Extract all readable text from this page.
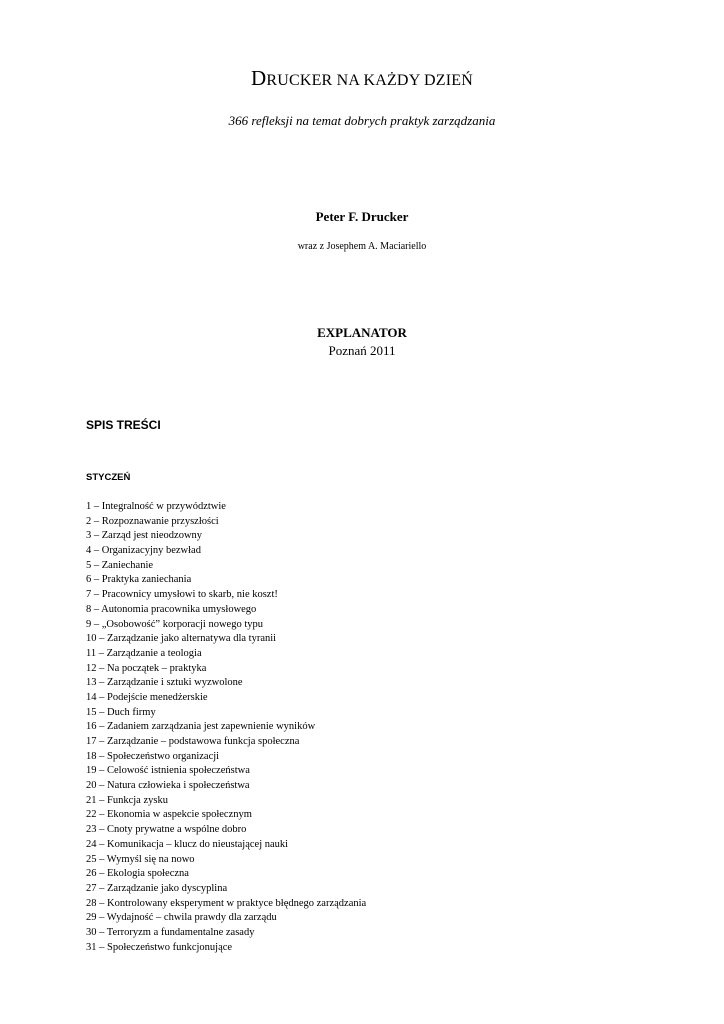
DRUCKER NA KAŻDY DZIEŃ
366 refleksji na temat dobrych praktyk zarządzania
Peter F. Drucker
wraz z Josephem A. Maciariello
EXPLANATOR
Poznań 2011
SPIS TREŚCI
STYCZEŃ
1 – Integralność w przywództwie
2 – Rozpoznawanie przyszłości
3 – Zarząd jest nieodzowny
4 – Organizacyjny bezwład
5 – Zaniechanie
6 – Praktyka zaniechania
7 – Pracownicy umysłowi to skarb, nie koszt!
8 – Autonomia pracownika umysłowego
9 – „Osobowość” korporacji nowego typu
10 – Zarządzanie jako alternatywa dla tyranii
11 – Zarządzanie a teologia
12 – Na początek – praktyka
13 – Zarządzanie i sztuki wyzwolone
14 – Podejście menedżerskie
15 – Duch firmy
16 – Zadaniem zarządzania jest zapewnienie wyników
17 – Zarządzanie – podstawowa funkcja społeczna
18 – Społeczeństwo organizacji
19 – Celowość istnienia społeczeństwa
20 – Natura człowieka i społeczeństwa
21 – Funkcja zysku
22 – Ekonomia w aspekcie społecznym
23 – Cnoty prywatne a wspólne dobro
24 – Komunikacja – klucz do nieustającej nauki
25 – Wymyśl się na nowo
26 – Ekologia społeczna
27 – Zarządzanie jako dyscyplina
28 – Kontrolowany eksperyment w praktyce błędnego zarządzania
29 – Wydajność – chwila prawdy dla zarządu
30 – Terroryzm a fundamentalne zasady
31 – Społeczeństwo funkcjonujące
